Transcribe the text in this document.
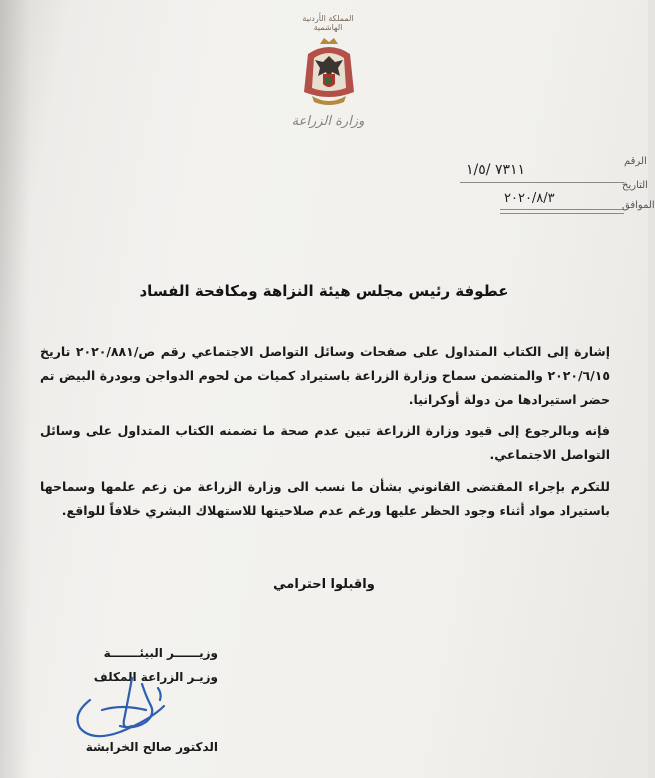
المملكة الأردنية الهاشمية
وزارة الزراعة
الرقم
٧٣١١ /١/٥
التاريخ
٢٠٢٠/٨/٣	الموافق
عطوفة رئيس مجلس هيئة النزاهة ومكافحة الفساد
إشارة إلى الكتاب المتداول على صفحات وسائل التواصل الاجتماعي رقم ص/٢٠٢٠/٨٨١ تاريخ ٢٠٢٠/٦/١٥ والمتضمن سماح وزارة الزراعة باستيراد كميات من لحوم الدواجن وبودرة البيض تم حضر استيرادها من دولة أوكرانيا.
فإنه وبالرجوع إلى قيود وزارة الزراعة تبين عدم صحة ما تضمنه الكتاب المتداول على وسائل التواصل الاجتماعي.
للتكرم بإجراء المقتضى القانوني بشأن ما نسب الى وزارة الزراعة من زعم علمها وسماحها باستيراد مواد أثناء وجود الحظر عليها ورغم عدم صلاحيتها للاستهلاك البشري خلافاً للواقع.
واقبلوا احترامي
وزيــــــر البيئـــــــة
وزيـر الزراعة المكلف
الدكتور صالح الخرابشة
